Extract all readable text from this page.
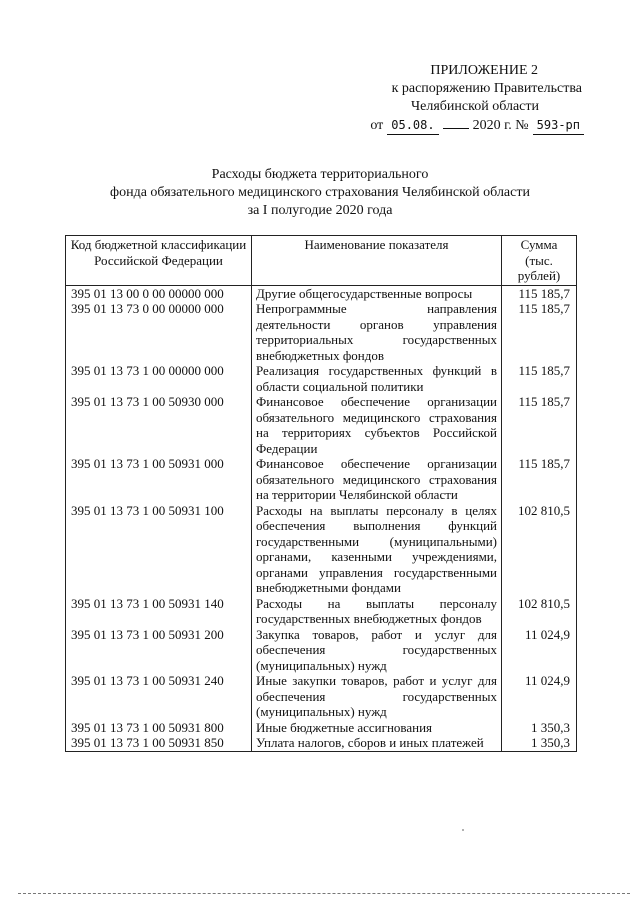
ПРИЛОЖЕНИЕ 2
к распоряжению Правительства
Челябинской области
от 05.08.	2020 г. № 593-рп
Расходы бюджета территориального
фонда обязательного медицинского страхования Челябинской области
за I полугодие 2020 года
Код бюджетной классификации Российской Федерации	Наименование показателя	Сумма (тыс. рублей)
395 01 13 00 0 00 00000 000	Другие общегосударственные вопросы	115 185,7
395 01 13 73 0 00 00000 000	Непрограммные направления деятельности органов управления территориальных государственных внебюджетных фондов	115 185,7
395 01 13 73 1 00 00000 000	Реализация государственных функций в области социальной политики	115 185,7
395 01 13 73 1 00 50930 000	Финансовое обеспечение организации обязательного медицинского страхования на территориях субъектов Российской Федерации	115 185,7
395 01 13 73 1 00 50931 000	Финансовое обеспечение организации обязательного медицинского страхования на территории Челябинской области	115 185,7
395 01 13 73 1 00 50931 100	Расходы на выплаты персоналу в целях обеспечения выполнения функций государственными (муниципальными) органами, казенными учреждениями, органами управления государственными внебюджетными фондами	102 810,5
395 01 13 73 1 00 50931 140	Расходы на выплаты персоналу государственных внебюджетных фондов	102 810,5
395 01 13 73 1 00 50931 200	Закупка товаров, работ и услуг для обеспечения государственных (муниципальных) нужд	11 024,9
395 01 13 73 1 00 50931 240	Иные закупки товаров, работ и услуг для обеспечения государственных (муниципальных) нужд	11 024,9
395 01 13 73 1 00 50931 800	Иные бюджетные ассигнования	1 350,3
395 01 13 73 1 00 50931 850	Уплата налогов, сборов и иных платежей	1 350,3
